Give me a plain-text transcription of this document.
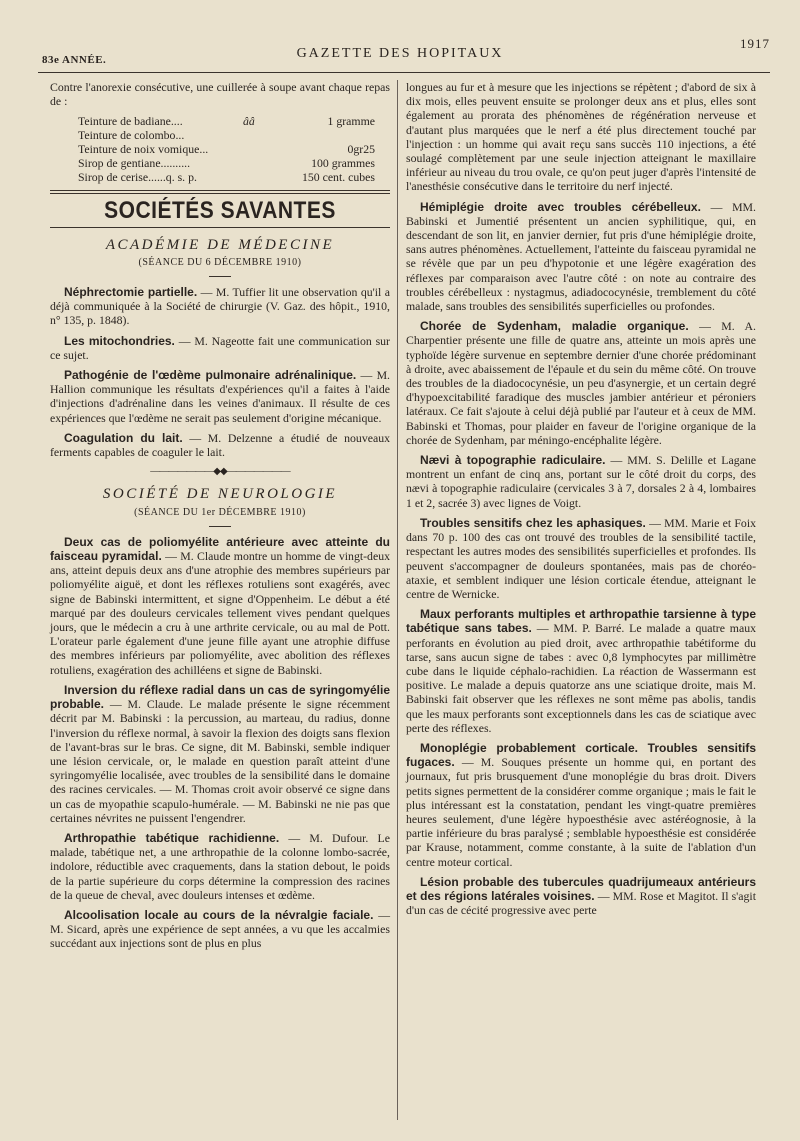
83e ANNÉE.	GAZETTE DES HOPITAUX
1917

Contre l'anorexie consécutive, une cuillerée à soupe avant chaque repas de :

Teinture de badiane....	ââ	1 gramme
Teinture de colombo...
Teinture de noix vomique...	0gr25
Sirop de gentiane..........	100 grammes
Sirop de cerise......q. s. p.	150 cent. cubes
SOCIÉTÉS SAVANTES
ACADÉMIE DE MÉDECINE
(SÉANCE DU 6 DÉCEMBRE 1910)

Néphrectomie partielle. — M. Tuffier lit une observation qu'il a déjà communiquée à la Société de chirurgie (V. Gaz. des hôpit., 1910, n° 135, p. 1848).

Les mitochondries. — M. Nageotte fait une communication sur ce sujet.

Pathogénie de l'œdème pulmonaire adrénalinique. — M. Hallion communique les résultats d'expériences qu'il a faites à l'aide d'injections d'adrénaline dans les veines d'animaux. Il résulte de ces expériences que l'œdème ne serait pas seulement d'origine mécanique.

Coagulation du lait. — M. Delzenne a étudié de nouveaux ferments capables de coaguler le lait.

———————◆◆———————
SOCIÉTÉ DE NEUROLOGIE
(SÉANCE DU 1er DÉCEMBRE 1910)

Deux cas de poliomyélite antérieure avec atteinte du faisceau pyramidal. — M. Claude montre un homme de vingt-deux ans, atteint depuis deux ans d'une atrophie des membres supérieurs par poliomyélite aiguë, et dont les réflexes rotuliens sont exagérés, avec signe de Babinski intermittent, et signe d'Oppenheim. Le début a été marqué par des douleurs cervicales tellement vives pendant quelques jours, que le médecin a cru à une arthrite cervicale, ou au mal de Pott. L'orateur parle également d'une jeune fille ayant une atrophie diffuse des membres inférieurs par poliomyélite, avec abolition des réflexes rotuliens, exagération des achilléens et signe de Babinski.

Inversion du réflexe radial dans un cas de syringomyélie probable. — M. Claude. Le malade présente le signe récemment décrit par M. Babinski : la percussion, au marteau, du radius, donne l'inversion du réflexe normal, à savoir la flexion des doigts sans flexion de l'avant-bras sur le bras. Ce signe, dit M. Babinski, semble indiquer une lésion cervicale, or, le malade en question paraît atteint d'une syringomyélie localisée, avec troubles de la sensibilité dans le domaine des racines cervicales. — M. Thomas croit avoir observé ce signe dans un cas de myopathie scapulo-humérale. — M. Babinski ne nie pas que certaines névrites ne puissent l'engendrer.

Arthropathie tabétique rachidienne. — M. Dufour. Le malade, tabétique net, a une arthropathie de la colonne lombo-sacrée, indolore, réductible avec craquements, dans la station debout, le poids de la partie supérieure du corps détermine la compression des racines de la queue de cheval, avec douleurs intenses et œdème.

Alcoolisation locale au cours de la névralgie faciale. — M. Sicard, après une expérience de sept années, a vu que les accalmies succédant aux injections sont de plus en plus

longues au fur et à mesure que les injections se répètent ; d'abord de six à dix mois, elles peuvent ensuite se prolonger deux ans et plus, elles sont également au prorata des phénomènes de régénération nerveuse et d'autant plus marquées que le nerf a été plus directement touché par l'injection : un homme qui avait reçu sans succès 110 injections, a été soulagé complètement par une seule injection atteignant le maxillaire inférieur au niveau du trou ovale, ce qu'on peut juger d'après l'intensité de l'anesthésie consécutive dans le territoire du nerf injecté.

Hémiplégie droite avec troubles cérébelleux. — MM. Babinski et Jumentié présentent un ancien syphilitique, qui, en descendant de son lit, en janvier dernier, fut pris d'une hémiplégie droite, sans autres phénomènes. Actuellement, l'atteinte du faisceau pyramidal ne se révèle que par un peu d'hypotonie et une légère exagération des réflexes par comparaison avec l'autre côté : on note au contraire des troubles cérébelleux : nystagmus, adiadococynésie, tremblement du côté malade, sans troubles des sensibilités superficielles ou profondes.

Chorée de Sydenham, maladie organique. — M. A. Charpentier présente une fille de quatre ans, atteinte un mois après une typhoïde légère survenue en septembre dernier d'une chorée prédominant à droite, avec abaissement de l'épaule et du sein du même côté. On trouve des troubles de la diadococynésie, un peu d'asynergie, et un certain degré d'hypoexcitabilité faradique des muscles jambier antérieur et péroniers latéraux. Ce fait s'ajoute à celui déjà publié par l'auteur et à ceux de MM. Babinski et Thomas, pour plaider en faveur de l'origine organique de la chorée de Sydenham, par méningo-encéphalite légère.

Nævi à topographie radiculaire. — MM. S. Delille et Lagane montrent un enfant de cinq ans, portant sur le côté droit du corps, des nævi à topographie radiculaire (cervicales 3 à 7, dorsales 2 à 4, lombaires 1 et 2, sacrée 3) avec lignes de Voigt.

Troubles sensitifs chez les aphasiques. — MM. Marie et Foix dans 70 p. 100 des cas ont trouvé des troubles de la sensibilité tactile, respectant les autres modes des sensibilités superficielles et profondes. Ils peuvent s'accompagner de douleurs spontanées, mais pas de choréo-ataxie, et semblent indiquer une lésion corticale étendue, atteignant le centre de Wernicke.

Maux perforants multiples et arthropathie tarsienne à type tabétique sans tabes. — MM. P. Barré. Le malade a quatre maux perforants en évolution au pied droit, avec arthropathie tabétiforme du tarse, sans aucun signe de tabes : avec 0,8 lymphocytes par millimètre cube dans le liquide céphalo-rachidien. La réaction de Wassermann est positive. Le malade a depuis quatorze ans une sciatique droite, mais M. Babinski fait observer que les réflexes ne sont même pas abolis, tandis que les maux perforants sont exceptionnels dans les cas de sciatique avec perte des réflexes.

Monoplégie probablement corticale. Troubles sensitifs fugaces. — M. Souques présente un homme qui, en portant des journaux, fut pris brusquement d'une monoplégie du bras droit. Divers petits signes permettent de la considérer comme organique ; mais le fait le plus intéressant est la constatation, pendant les vingt-quatre premières heures seulement, d'une légère hypoesthésie avec astéréognosie, à la partie inférieure du bras paralysé ; semblable hypoesthésie est considérée par Krause, notamment, comme constante, à la suite de l'ablation d'un centre moteur cortical.

Lésion probable des tubercules quadrijumeaux antérieurs et des régions latérales voisines. — MM. Rose et Magitot. Il s'agit d'un cas de cécité progressive avec perte
